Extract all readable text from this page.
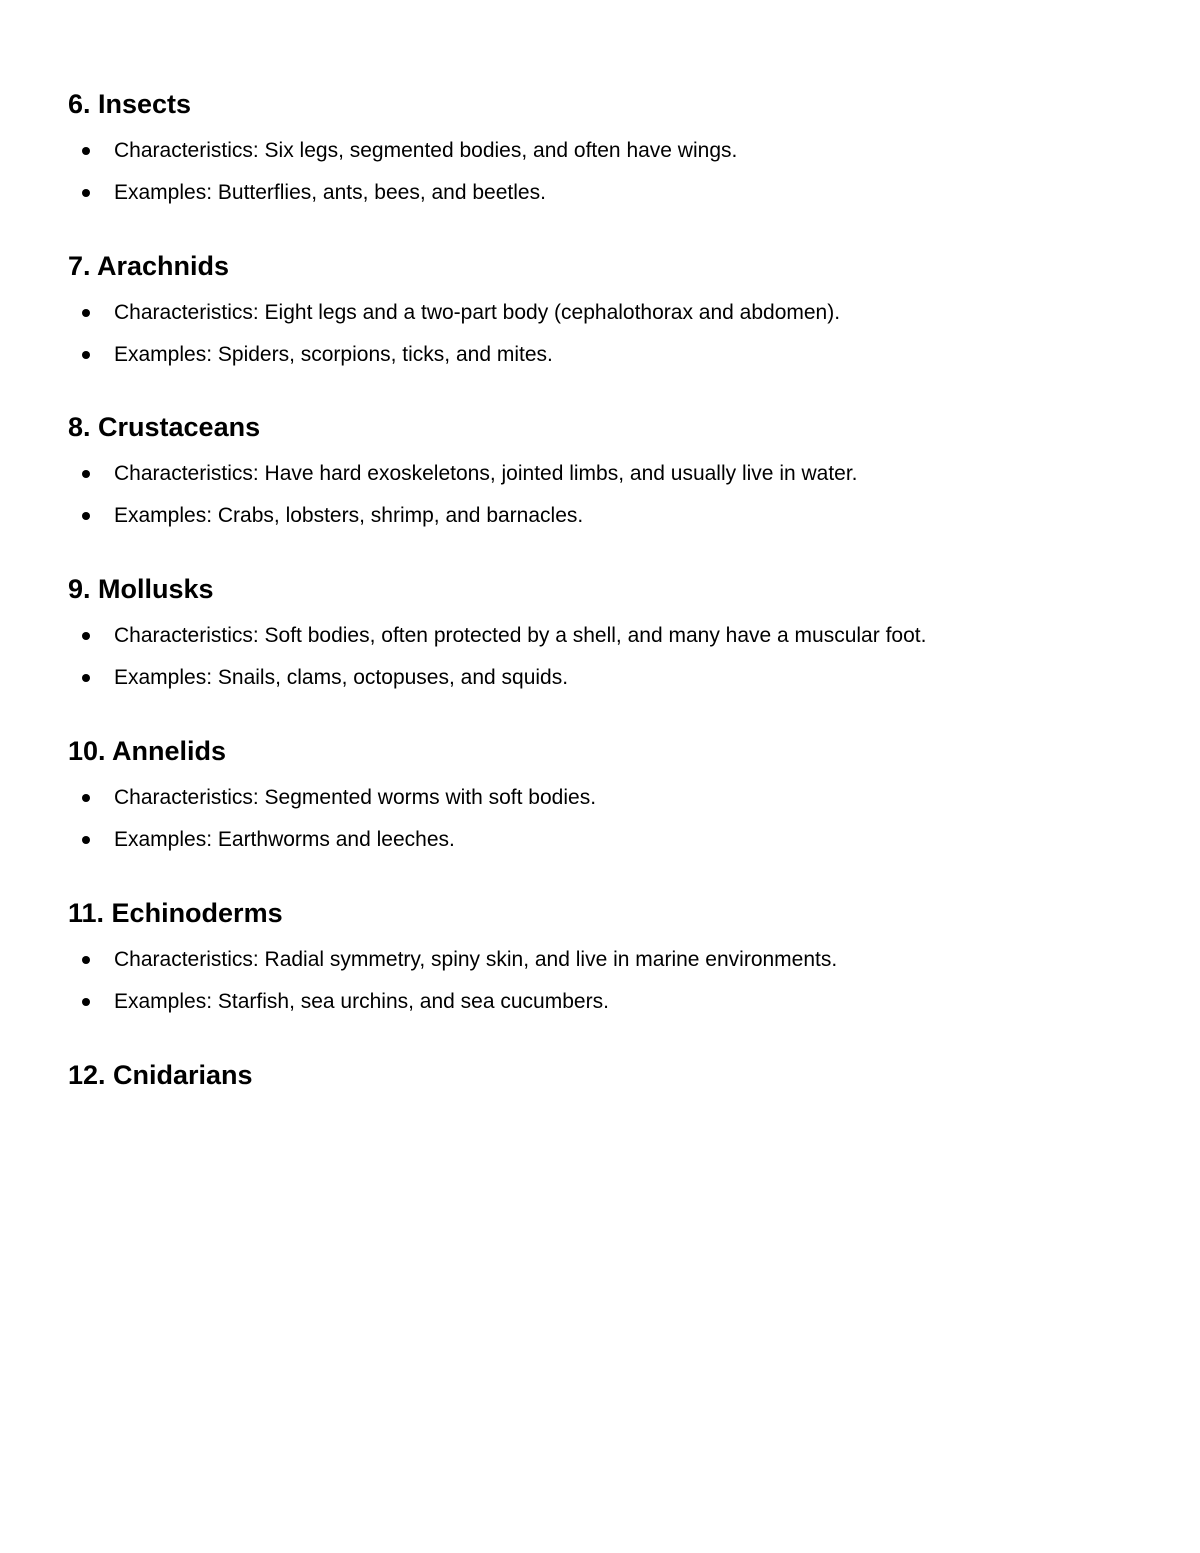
6. Insects
Characteristics: Six legs, segmented bodies, and often have wings.
Examples: Butterflies, ants, bees, and beetles.
7. Arachnids
Characteristics: Eight legs and a two-part body (cephalothorax and abdomen).
Examples: Spiders, scorpions, ticks, and mites.
8. Crustaceans
Characteristics: Have hard exoskeletons, jointed limbs, and usually live in water.
Examples: Crabs, lobsters, shrimp, and barnacles.
9. Mollusks
Characteristics: Soft bodies, often protected by a shell, and many have a muscular foot.
Examples: Snails, clams, octopuses, and squids.
10. Annelids
Characteristics: Segmented worms with soft bodies.
Examples: Earthworms and leeches.
11. Echinoderms
Characteristics: Radial symmetry, spiny skin, and live in marine environments.
Examples: Starfish, sea urchins, and sea cucumbers.
12. Cnidarians
